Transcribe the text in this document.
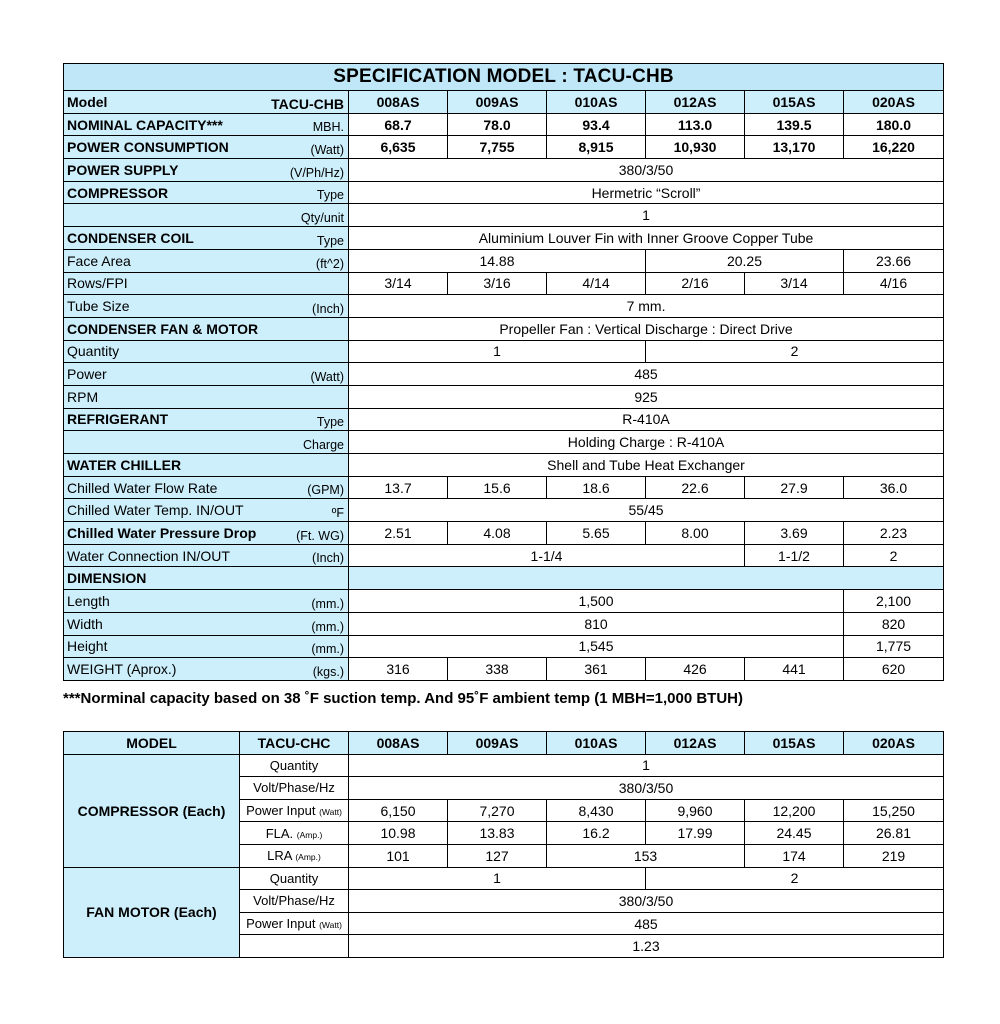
SPECIFICATION MODEL : TACU-CHB						
Model TACU-CHB	008AS	009AS	010AS	012AS	015AS	020AS
NOMINAL CAPACITY*** MBH.	68.7	78.0	93.4	113.0	139.5	180.0
POWER CONSUMPTION (Watt)	6,635	7,755	8,915	10,930	13,170	16,220
POWER SUPPLY (V/Ph/Hz)	380/3/50					
COMPRESSOR Type	Hermetric “Scroll”					

Qty/unit	1					
CONDENSER COIL Type	Aluminium Louver Fin with Inner Groove Copper Tube					
Face Area (ft^2)	14.88			20.25		23.66
Rows/FPI	3/14	3/16	4/14	2/16	3/14	4/16
Tube Size (Inch)	7 mm.					
CONDENSER FAN & MOTOR	Propeller Fan : Vertical Discharge : Direct Drive					
Quantity	1			2		
Power (Watt)	485					
RPM	925					
REFRIGERANT Type	R-410A					

Charge	Holding Charge : R-410A					
WATER CHILLER	Shell and Tube Heat Exchanger					
Chilled Water Flow Rate (GPM)	13.7	15.6	18.6	22.6	27.9	36.0
Chilled Water Temp. IN/OUT ºF	55/45					
Chilled Water Pressure Drop (Ft. WG)	2.51	4.08	5.65	8.00	3.69	2.23
Water Connection IN/OUT (Inch)	1-1/4				1-1/2	2
DIMENSION						
Length (mm.)	1,500					2,100
Width (mm.)	810					820
Height (mm.)	1,545					1,775
WEIGHT (Aprox.) (kgs.)	316	338	361	426	441	620
***Norminal capacity based on 38 ˚F suction temp. And 95˚F ambient temp (1 MBH=1,000 BTUH)
MODEL	TACU-CHC	008AS	009AS	010AS	012AS	015AS	020AS
COMPRESSOR (Each)	Quantity	1					
	Volt/Phase/Hz	380/3/50					
	Power Input (Watt)	6,150	7,270	8,430	9,960	12,200	15,250
	FLA. (Amp.)	10.98	13.83	16.2	17.99	24.45	26.81
	LRA (Amp.)	101	127	153		174	219
FAN MOTOR (Each)	Quantity	1			2		
	Volt/Phase/Hz	380/3/50					
	Power Input (Watt)	485					
		1.23					
